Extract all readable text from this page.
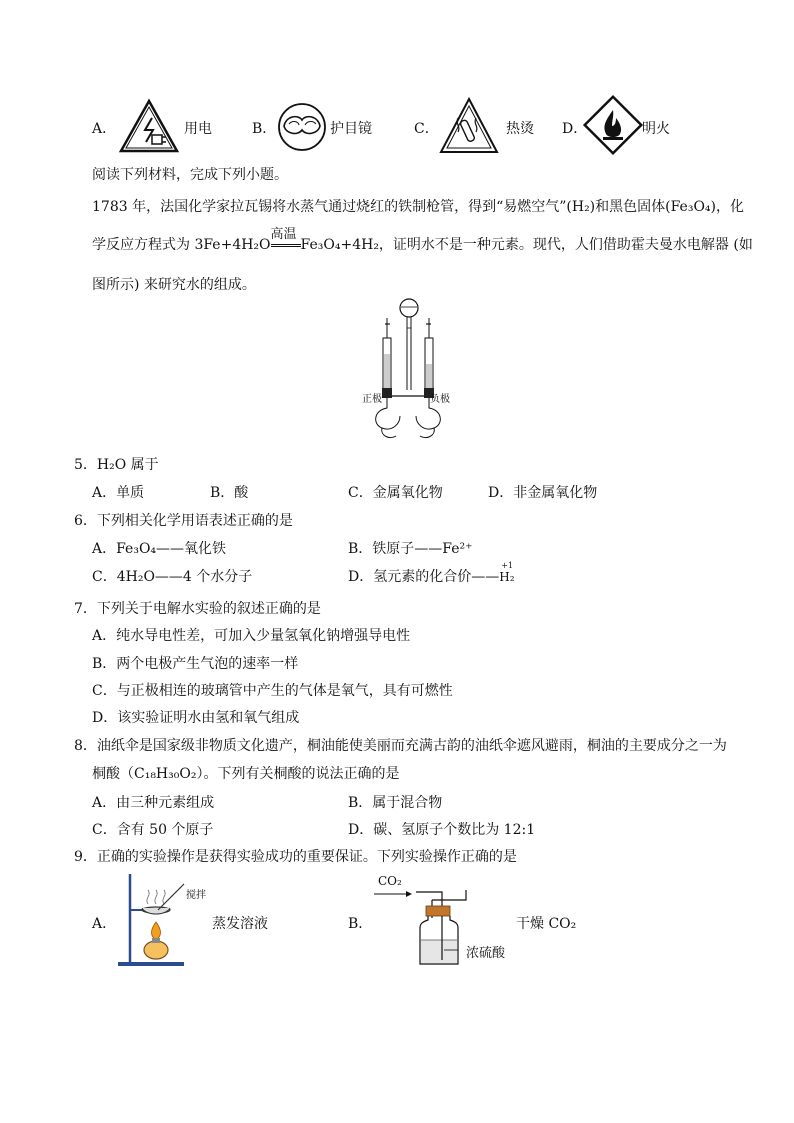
A．	用电	B．	护目镜	C．	热烫 D．	明火
阅读下列材料，完成下列小题。
1783 年，法国化学家拉瓦锡将水蒸气通过烧红的铁制枪管，得到“易燃空气”(H₂)和黑色固体(Fe₃O₄)，化
学反应方程式为 3Fe+4H₂O
高温
Fe₃O₄+4H₂，证明水不是一种元素。现代，人们借助霍夫曼水电解器 (如
图所示) 来研究水的组成。
正极	负极
5．H₂O 属于
A．单质	B．酸	C．金属氧化物	D．非金属氧化物
6．下列相关化学用语表述正确的是
A．Fe₃O₄——氧化铁	B．铁原子——Fe²⁺
C．4H₂O——4 个水分子	D．氢元素的化合价——
+1
H₂
7．下列关于电解水实验的叙述正确的是
A．纯水导电性差，可加入少量氢氧化钠增强导电性
B．两个电极产生气泡的速率一样
C．与正极相连的玻璃管中产生的气体是氧气，具有可燃性
D．该实验证明水由氢和氧气组成
8．油纸伞是国家级非物质文化遗产，桐油能使美丽而充满古韵的油纸伞遮风避雨，桐油的主要成分之一为
桐酸（C₁₈H₃₀O₂）。下列有关桐酸的说法正确的是
A．由三种元素组成	B．属于混合物
C．含有 50 个原子	D．碳、氢原子个数比为 12:1
9．正确的实验操作是获得实验成功的重要保证。下列实验操作正确的是
A．
搅拌
蒸发溶液	B．
CO₂
浓硫酸
干燥 CO₂
